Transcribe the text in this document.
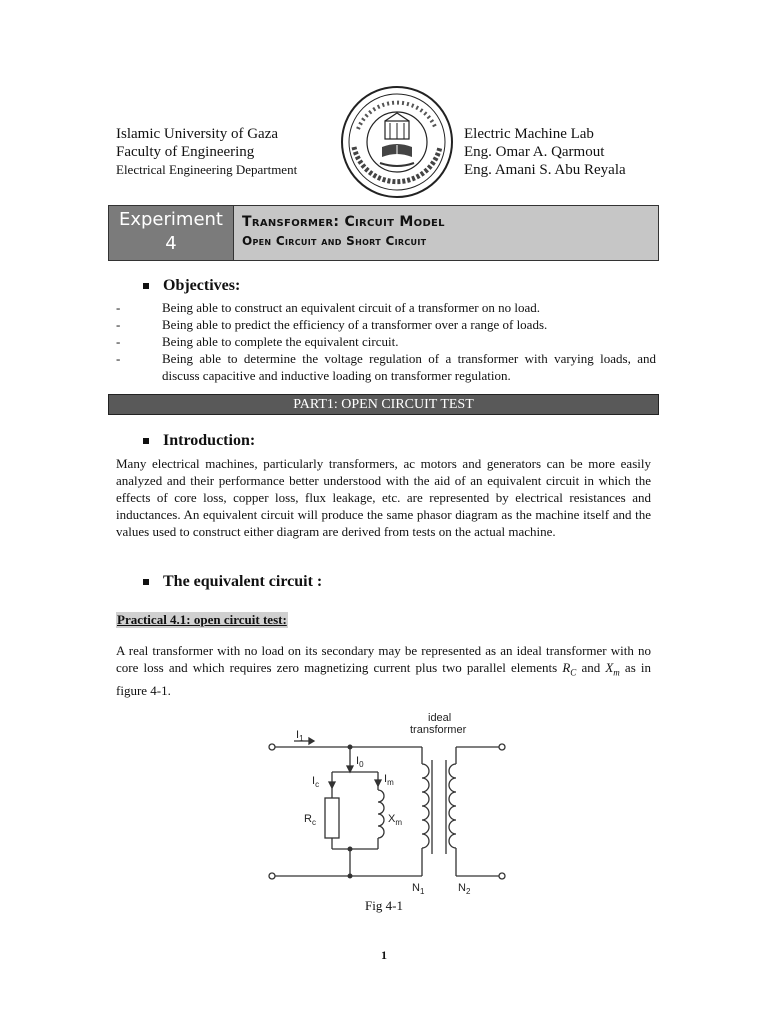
Islamic University of Gaza
Faculty of Engineering
Electrical Engineering Department
Electric Machine Lab
Eng. Omar A. Qarmout
Eng. Amani S. Abu Reyala
Experiment
4
Transformer: Circuit Model
Open Circuit and Short Circuit
Objectives:
- Being able to construct an equivalent circuit of a transformer on no load.
- Being able to predict the efficiency of a transformer over a range of loads.
- Being able to complete the equivalent circuit.
- Being able to determine the voltage regulation of a transformer with varying loads, and discuss capacitive and inductive loading on transformer regulation.
PART1: OPEN CIRCUIT TEST
Introduction:
Many electrical machines, particularly transformers, ac motors and generators can be more easily analyzed and their performance better understood with the aid of an equivalent circuit in which the effects of core loss, copper loss, flux leakage, etc. are represented by electrical resistances and inductances. An equivalent circuit will produce the same phasor diagram as the machine itself and the values used to construct either diagram are derived from tests on the actual machine.
The equivalent circuit :
Practical 4.1: open circuit test:
A real transformer with no load on its secondary may be represented as an ideal transformer with no core loss and which requires zero magnetizing current plus two parallel elements $R_C$ and $X_m$ as in figure 4-1.
ideal
transformer
$I_1$
$I_0$
$I_c$	$I_m$
$R_c$	$X_m$
$N_1$	$N_2$
Fig 4-1
1
